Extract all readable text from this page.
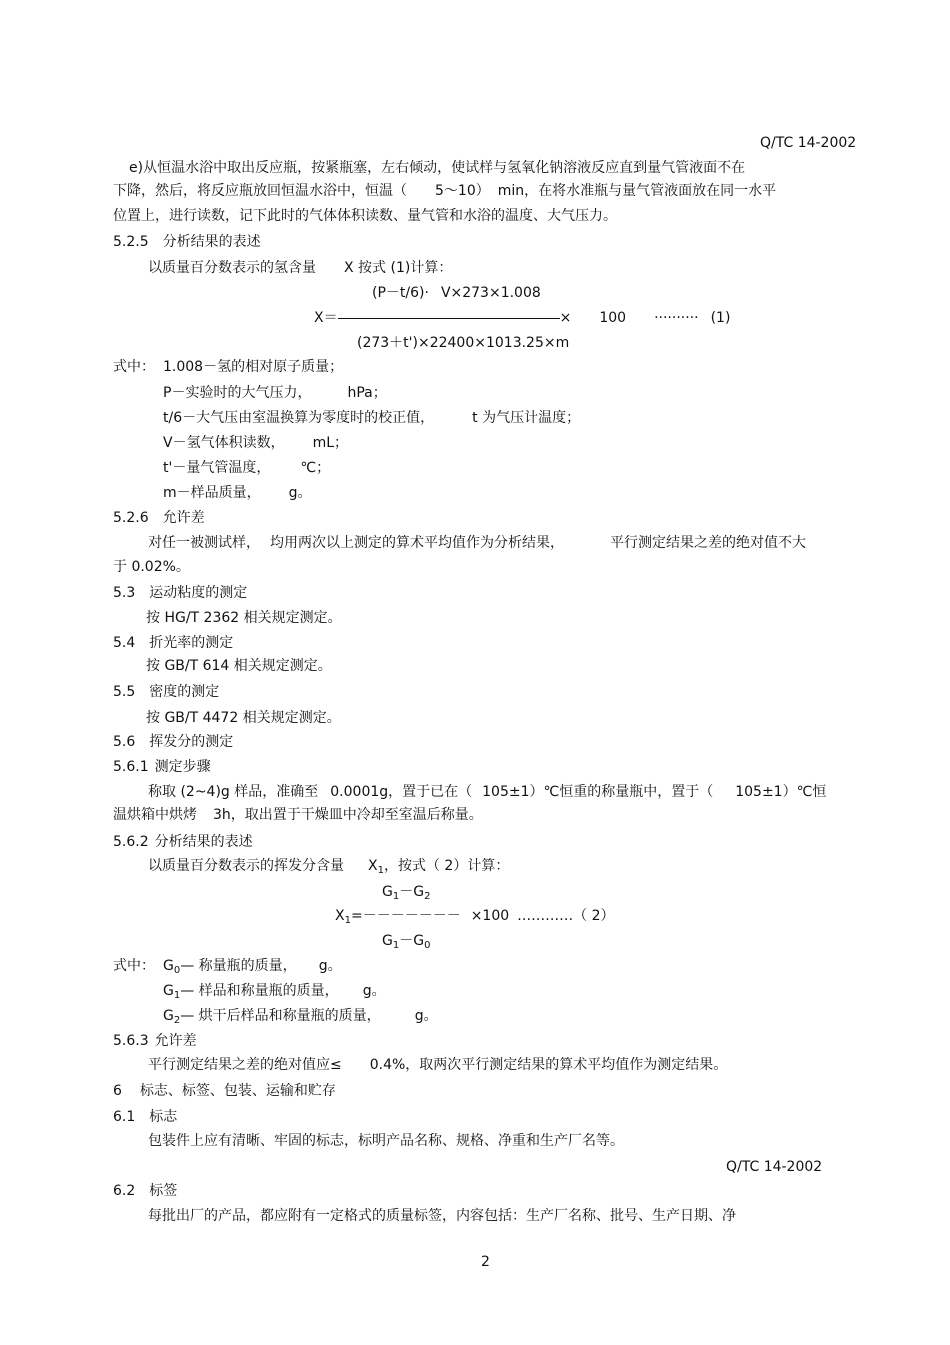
Q/TC 14-2002
e)从恒温水浴中取出反应瓶，按紧瓶塞，左右倾动，使试样与氢氧化钠溶液反应直到量气管液面不在
下降，然后，将反应瓶放回恒温水浴中，恒温（ 5～10） min，在将水准瓶与量气管液面放在同一水平
位置上，进行读数，记下此时的气体体积读数、量气管和水浴的温度、大气压力。
5.2.5 分析结果的表述
以质量百分数表示的氢含量 X 按式 (1)计算：
(P－t/6)· V×273×1.008
X＝	× 100 ·········· (1)
(273＋t')×22400×1013.25×m
式中： 1.008－氢的相对原子质量；
P－实验时的大气压力，	hPa；
t/6－大气压由室温换算为零度时的校正值，	t 为气压计温度；
V－氢气体积读数， mL；
t'－量气管温度， ℃；
m－样品质量， g。
5.2.6 允许差
对任一被测试样， 均用两次以上测定的算术平均值作为分析结果，	平行测定结果之差的绝对值不大
于 0.02%。
5.3 运动粘度的测定
按 HG/T 2362 相关规定测定。
5.4 折光率的测定
按 GB/T 614 相关规定测定。
5.5 密度的测定
按 GB/T 4472 相关规定测定。
5.6 挥发分的测定
5.6.1 测定步骤
称取 (2~4)g 样品，准确至 0.0001g，置于已在（ 105±1）℃恒重的称量瓶中，置于（ 105±1）℃恒
温烘箱中烘烤 3h，取出置于干燥皿中冷却至室温后称量。
5.6.2 分析结果的表述
以质量百分数表示的挥发分含量 $X_1$，按式（ 2）计算：
$G_1-G_2$
$X_1=------- \times 100$ …………（ 2）
$G_1-G_0$
式中： $G_0—$ 称量瓶的质量， g。
$G_1—$ 样品和称量瓶的质量， g。
$G_2—$ 烘干后样品和称量瓶的质量， g。
5.6.3 允许差
平行测定结果之差的绝对值应≤ 0.4%，取两次平行测定结果的算术平均值作为测定结果。
6 标志、标签、包装、运输和贮存
6.1 标志
包装件上应有清晰、牢固的标志，标明产品名称、规格、净重和生产厂名等。
Q/TC 14-2002
6.2 标签
每批出厂的产品，都应附有一定格式的质量标签，内容包括：生产厂名称、批号、生产日期、净
2
